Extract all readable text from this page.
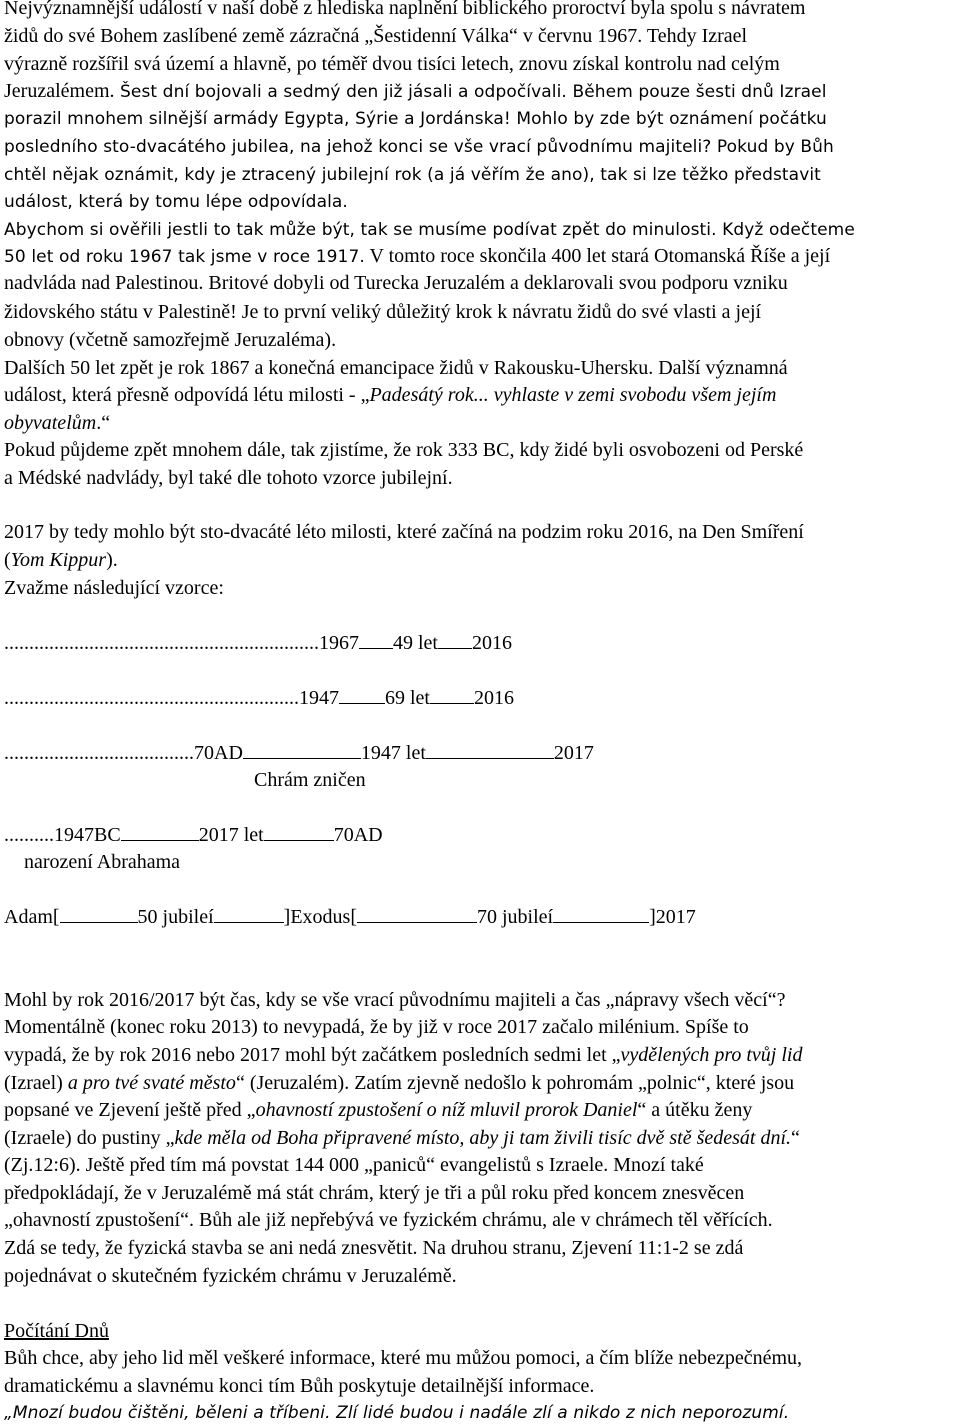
Nejvýznamnější událostí v naší době z hlediska naplnění biblického proroctví byla spolu s návratem
židů do své Bohem zaslíbené země zázračná „Šestidenní Válka“ v červnu 1967. Tehdy Izrael
výrazně rozšířil svá území a hlavně, po téměř dvou tisíci letech, znovu získal kontrolu nad celým
Jeruzalémem. Šest dní bojovali a sedmý den již jásali a odpočívali. Během pouze šesti dnů Izrael
porazil mnohem silnější armády Egypta, Sýrie a Jordánska! Mohlo by zde být oznámení počátku
posledního sto-dvacátého jubilea, na jehož konci se vše vrací původnímu majiteli? Pokud by Bůh
chtěl nějak oznámit, kdy je ztracený jubilejní rok (a já věřím že ano), tak si lze těžko představit
událost, která by tomu lépe odpovídala.
Abychom si ověřili jestli to tak může být, tak se musíme podívat zpět do minulosti. Když odečteme
50 let od roku 1967 tak jsme v roce 1917. V tomto roce skončila 400 let stará Otomanská Říše a její
nadvláda nad Palestinou. Britové dobyli od Turecka Jeruzalém a deklarovali svou podporu vzniku
židovského státu v Palestině! Je to první veliký důležitý krok k návratu židů do své vlasti a její
obnovy (včetně samozřejmě Jeruzaléma).
Dalších 50 let zpět je rok 1867 a konečná emancipace židů v Rakousku-Uhersku. Další významná
událost, která přesně odpovídá létu milosti - „Padesátý rok... vyhlaste v zemi svobodu všem jejím
obyvatelům.“
Pokud půjdeme zpět mnohem dále, tak zjistíme, že rok 333 BC, kdy židé byli osvobozeni od Perské
a Médské nadvlády, byl také dle tohoto vzorce jubilejní.
2017 by tedy mohlo být sto-dvacáté léto milosti, které začíná na podzim roku 2016, na Den Smíření
(Yom Kippur).
Zvažme následující vzorce:
...............................................................1967 49 let 2016
...........................................................1947 69 let 2016
......................................70AD	1947 let	2017
Chrám zničen
..........1947BC	2017 let	70AD
narození Abrahama
Adam[	50 jubileí	]Exodus[	70 jubileí	]2017
Mohl by rok 2016/2017 být čas, kdy se vše vrací původnímu majiteli a čas „nápravy všech věcí“?
Momentálně (konec roku 2013) to nevypadá, že by již v roce 2017 začalo milénium. Spíše to
vypadá, že by rok 2016 nebo 2017 mohl být začátkem posledních sedmi let „vydělených pro tvůj lid
(Izrael) a pro tvé svaté město“ (Jeruzalém). Zatím zjevně nedošlo k pohromám „polnic“, které jsou
popsané ve Zjevení ještě před „ohavností zpustošení o níž mluvil prorok Daniel“ a útěku ženy
(Izraele) do pustiny „kde měla od Boha připravené místo, aby ji tam živili tisíc dvě stě šedesát dní.“
(Zj.12:6). Ještě před tím má povstat 144 000 „paniců“ evangelistů s Izraele. Mnozí také
předpokládají, že v Jeruzalémě má stát chrám, který je tři a půl roku před koncem znesvěcen
„ohavností zpustošení“. Bůh ale již nepřebývá ve fyzickém chrámu, ale v chrámech těl věřících.
Zdá se tedy, že fyzická stavba se ani nedá znesvětit. Na druhou stranu, Zjevení 11:1-2 se zdá
pojednávat o skutečném fyzickém chrámu v Jeruzalémě.
Počítání Dnů
Bůh chce, aby jeho lid měl veškeré informace, které mu můžou pomoci, a čím blíže nebezpečnému,
dramatickému a slavnému konci tím Bůh poskytuje detailnější informace.
„Mnozí budou čištěni, běleni a tříbeni. Zlí lidé budou i nadále zlí a nikdo z nich neporozumí.
